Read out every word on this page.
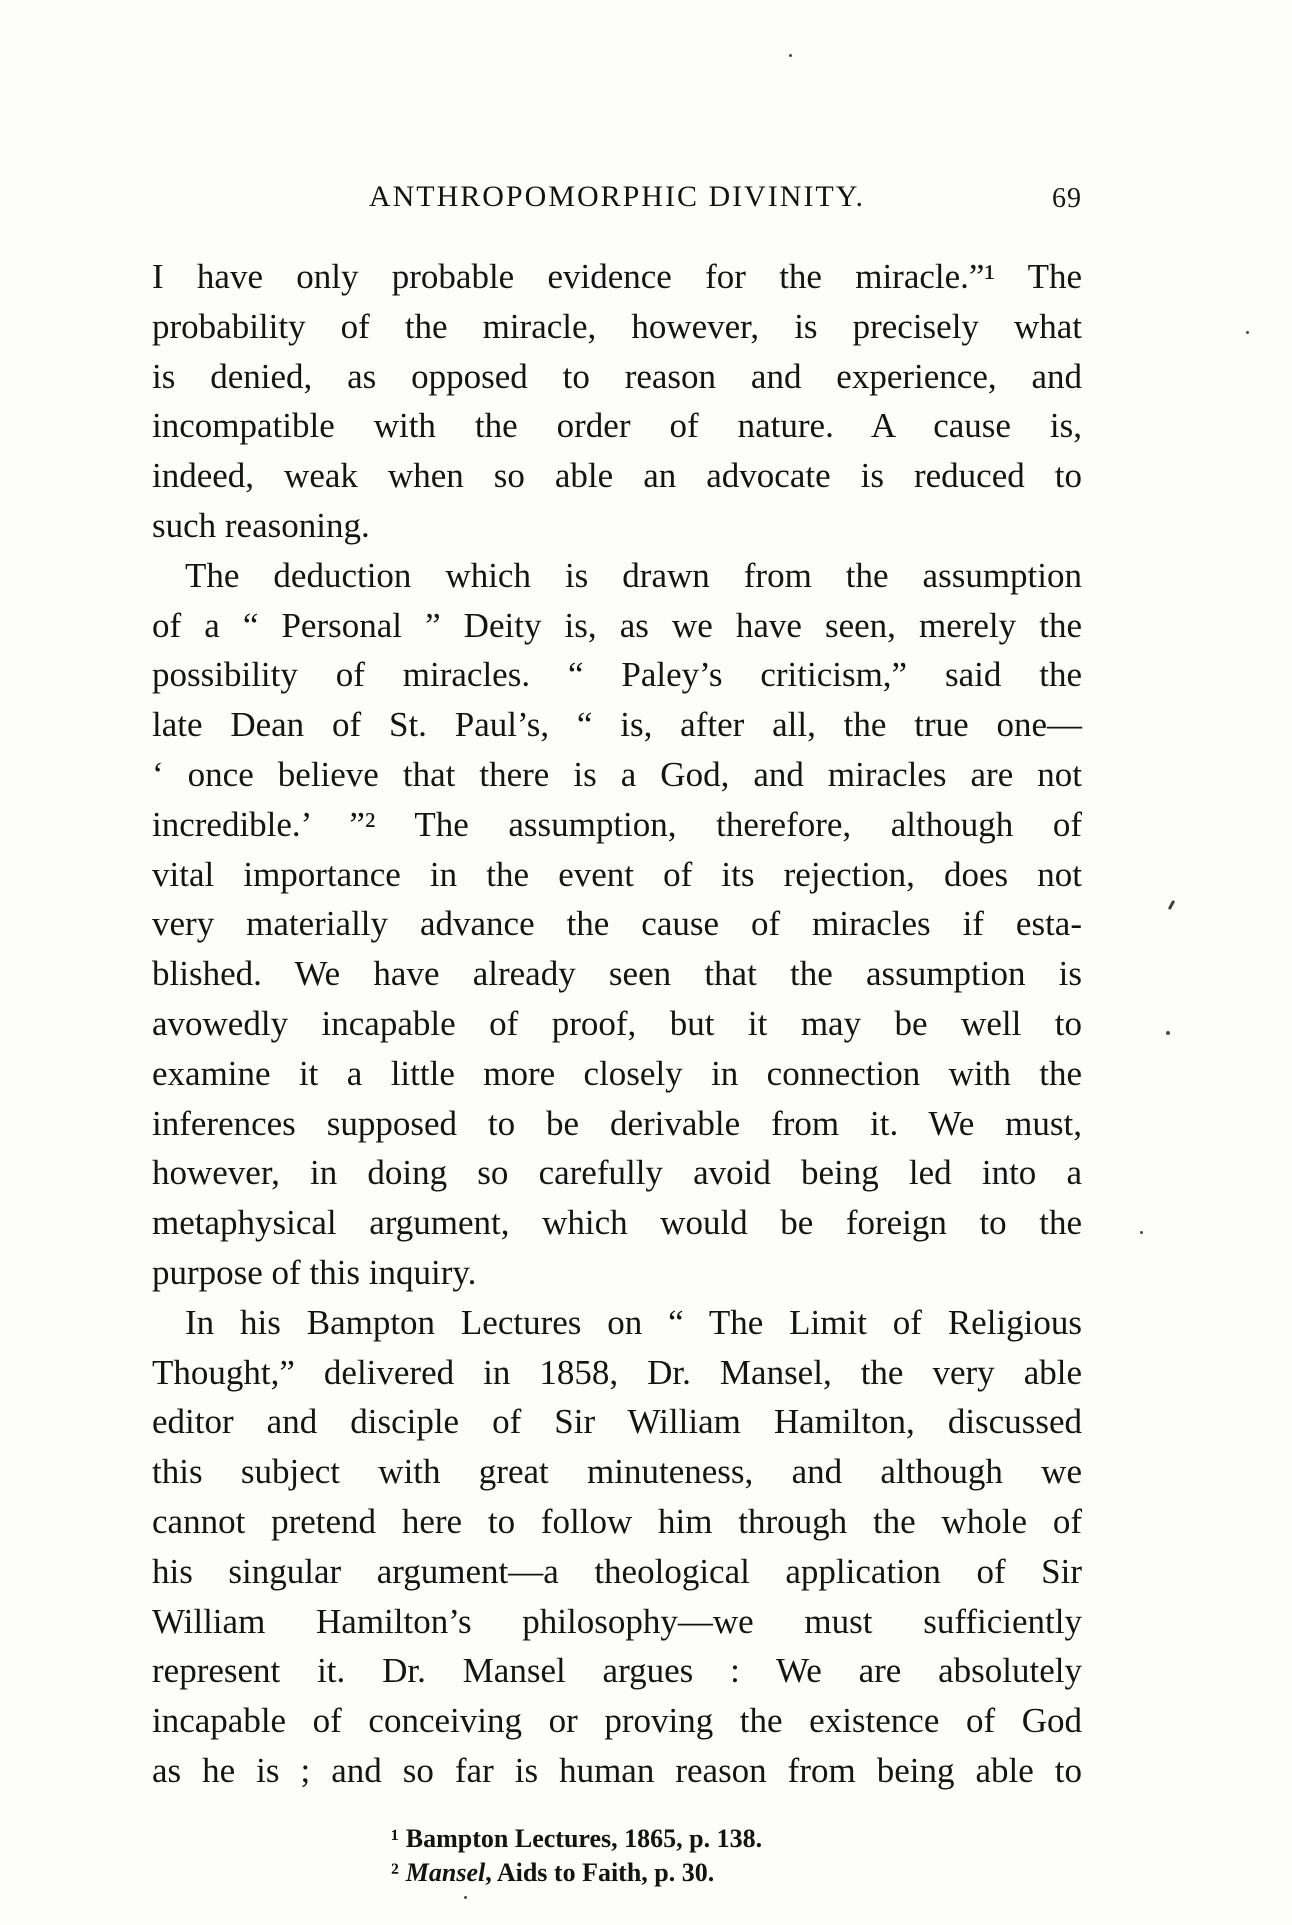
ANTHROPOMORPHIC DIVINITY.	69
I have only probable evidence for the miracle.”¹ The
probability of the miracle, however, is precisely what
is denied, as opposed to reason and experience, and
incompatible with the order of nature. A cause is,
indeed, weak when so able an advocate is reduced to
such reasoning.
The deduction which is drawn from the assumption
of a “ Personal ” Deity is, as we have seen, merely the
possibility of miracles. “ Paley’s criticism,” said the
late Dean of St. Paul’s, “ is, after all, the true one—
‘ once believe that there is a God, and miracles are not
incredible.’ ”² The assumption, therefore, although of
vital importance in the event of its rejection, does not
very materially advance the cause of miracles if esta-
blished. We have already seen that the assumption is
avowedly incapable of proof, but it may be well to
examine it a little more closely in connection with the
inferences supposed to be derivable from it. We must,
however, in doing so carefully avoid being led into a
metaphysical argument, which would be foreign to the
purpose of this inquiry.
In his Bampton Lectures on “ The Limit of Religious
Thought,” delivered in 1858, Dr. Mansel, the very able
editor and disciple of Sir William Hamilton, discussed
this subject with great minuteness, and although we
cannot pretend here to follow him through the whole of
his singular argument—a theological application of Sir
William Hamilton’s philosophy—we must sufficiently
represent it. Dr. Mansel argues : We are absolutely
incapable of conceiving or proving the existence of God
as he is ; and so far is human reason from being able to
¹ Bampton Lectures, 1865, p. 138.
² Mansel, Aids to Faith, p. 30.
